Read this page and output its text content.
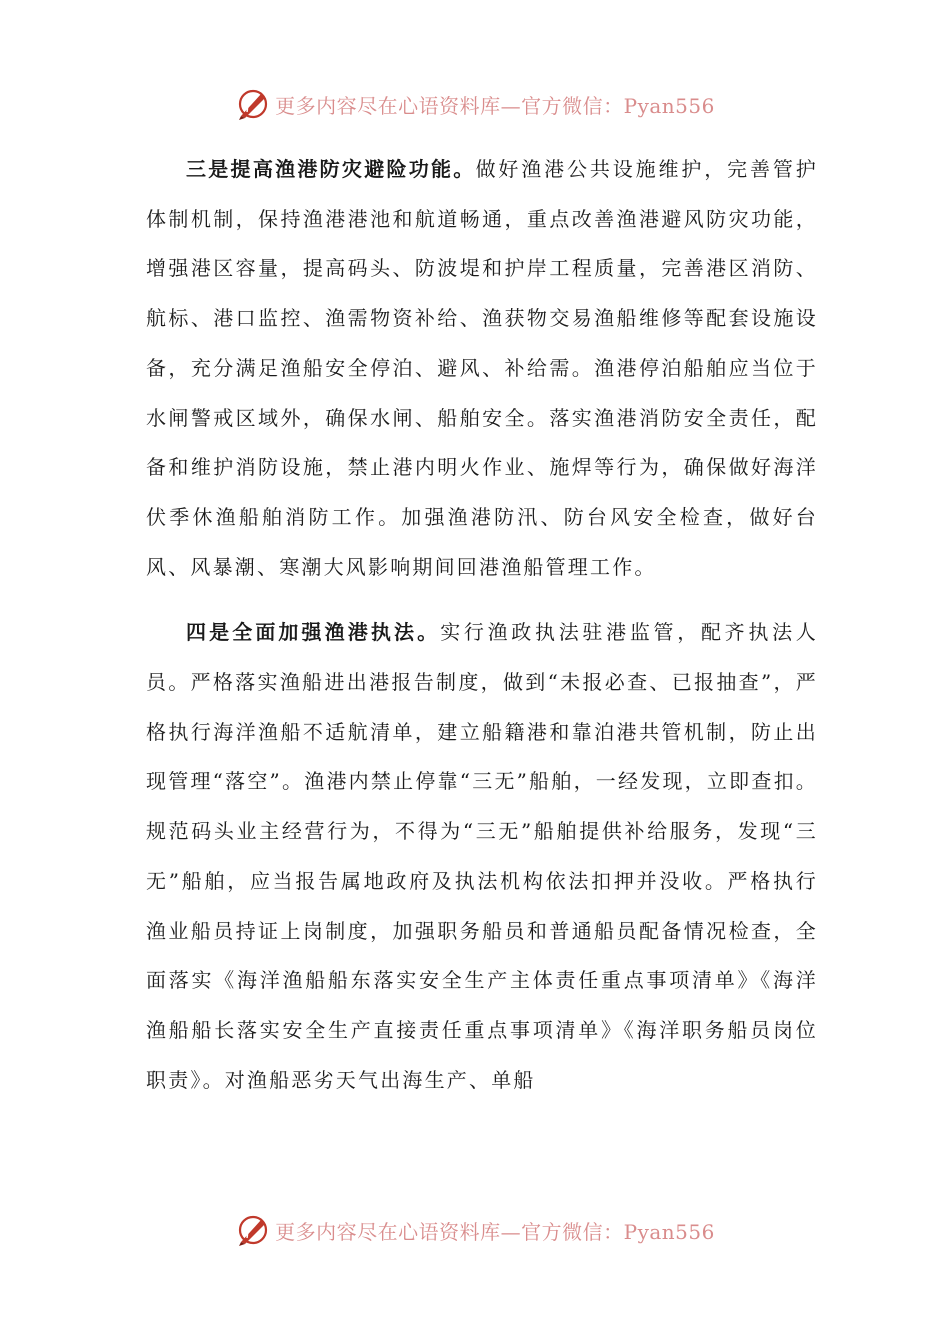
更多内容尽在心语资料库—官方微信：Pyan556

三是提高渔港防灾避险功能。做好渔港公共设施维护，完善管护体制机制，保持渔港港池和航道畅通，重点改善渔港避风防灾功能，增强港区容量，提高码头、防波堤和护岸工程质量，完善港区消防、航标、港口监控、渔需物资补给、渔获物交易渔船维修等配套设施设备，充分满足渔船安全停泊、避风、补给需。渔港停泊船舶应当位于水闸警戒区域外，确保水闸、船舶安全。落实渔港消防安全责任，配备和维护消防设施，禁止港内明火作业、施焊等行为，确保做好海洋伏季休渔船舶消防工作。加强渔港防汛、防台风安全检查，做好台风、风暴潮、寒潮大风影响期间回港渔船管理工作。

四是全面加强渔港执法。实行渔政执法驻港监管，配齐执法人员。严格落实渔船进出港报告制度，做到“未报必查、已报抽查”，严格执行海洋渔船不适航清单，建立船籍港和靠泊港共管机制，防止出现管理“落空”。渔港内禁止停靠“三无”船舶，一经发现，立即查扣。规范码头业主经营行为，不得为“三无”船舶提供补给服务，发现“三无”船舶，应当报告属地政府及执法机构依法扣押并没收。严格执行渔业船员持证上岗制度，加强职务船员和普通船员配备情况检查，全面落实《海洋渔船船东落实安全生产主体责任重点事项清单》《海洋渔船船长落实安全生产直接责任重点事项清单》《海洋职务船员岗位职责》。对渔船恶劣天气出海生产、单船

更多内容尽在心语资料库—官方微信：Pyan556
